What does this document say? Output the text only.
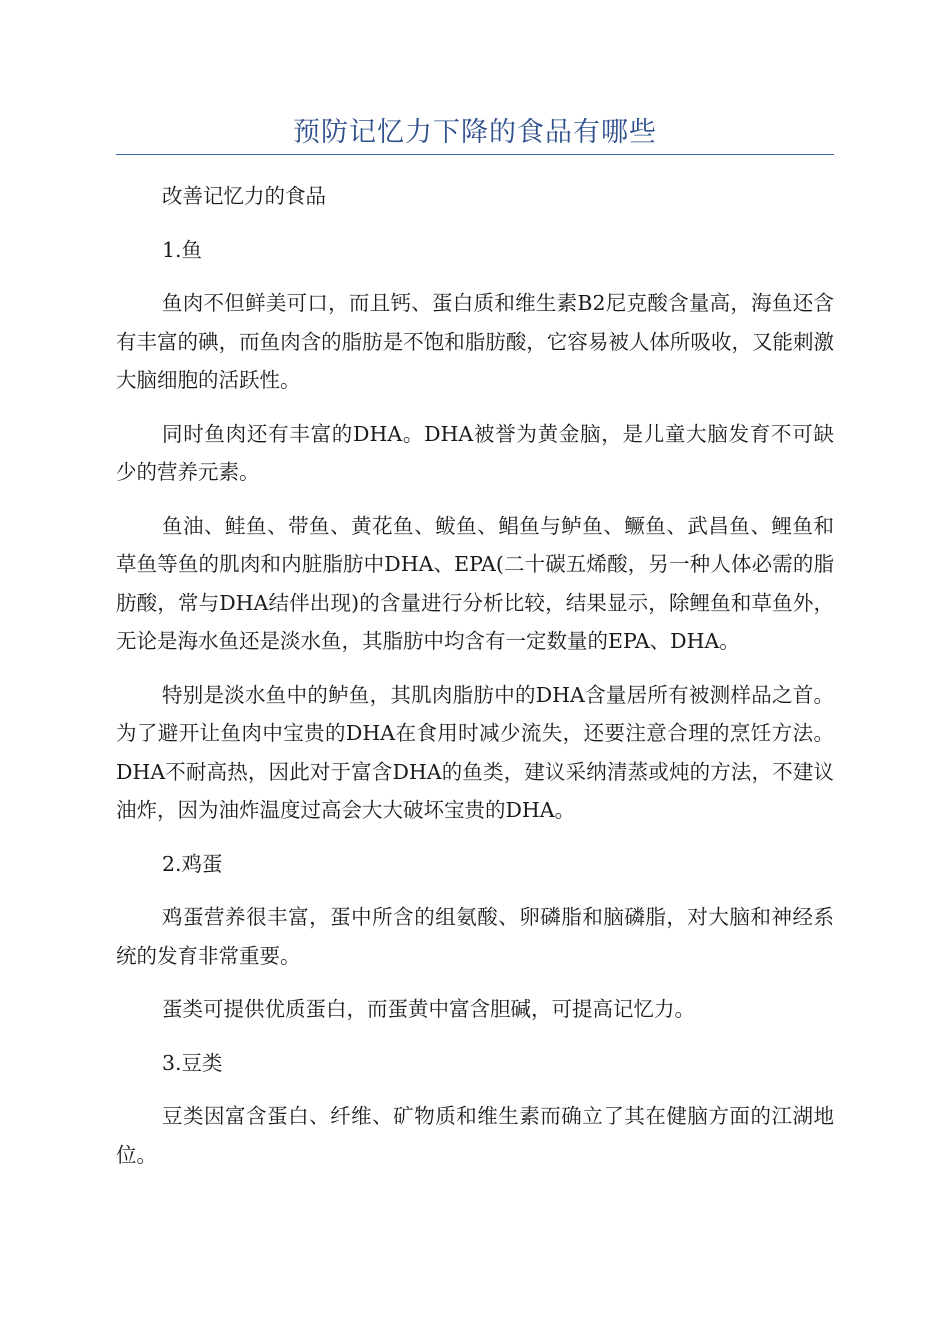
预防记忆力下降的食品有哪些

改善记忆力的食品

1.鱼

鱼肉不但鲜美可口，而且钙、蛋白质和维生素B2尼克酸含量高，海鱼还含有丰富的碘，而鱼肉含的脂肪是不饱和脂肪酸，它容易被人体所吸收，又能刺激大脑细胞的活跃性。

同时鱼肉还有丰富的DHA。DHA被誉为黄金脑，是儿童大脑发育不可缺少的营养元素。

鱼油、鲑鱼、带鱼、黄花鱼、鲅鱼、鲳鱼与鲈鱼、鳜鱼、武昌鱼、鲤鱼和草鱼等鱼的肌肉和内脏脂肪中DHA、EPA(二十碳五烯酸，另一种人体必需的脂肪酸，常与DHA结伴出现)的含量进行分析比较，结果显示，除鲤鱼和草鱼外，无论是海水鱼还是淡水鱼，其脂肪中均含有一定数量的EPA、DHA。

特别是淡水鱼中的鲈鱼，其肌肉脂肪中的DHA含量居所有被测样品之首。为了避开让鱼肉中宝贵的DHA在食用时减少流失，还要注意合理的烹饪方法。DHA不耐高热，因此对于富含DHA的鱼类，建议采纳清蒸或炖的方法，不建议油炸，因为油炸温度过高会大大破坏宝贵的DHA。

2.鸡蛋

鸡蛋营养很丰富，蛋中所含的组氨酸、卵磷脂和脑磷脂，对大脑和神经系统的发育非常重要。

蛋类可提供优质蛋白，而蛋黄中富含胆碱，可提高记忆力。

3.豆类

豆类因富含蛋白、纤维、矿物质和维生素而确立了其在健脑方面的江湖地位。
